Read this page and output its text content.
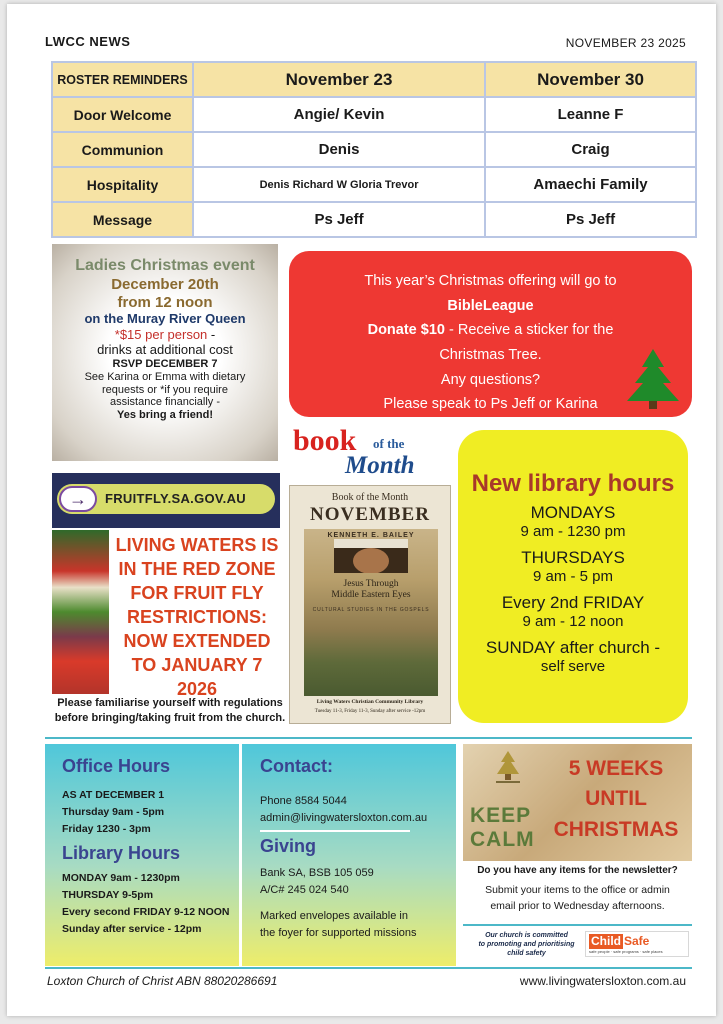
LWCC NEWS	NOVEMBER 23 2025
ROSTER REMINDERS	November 23	November 30
Door Welcome	Angie/ Kevin	Leanne F
Communion	Denis	Craig
Hospitality	Denis Richard W Gloria Trevor	Amaechi Family
Message	Ps Jeff	Ps Jeff
Ladies Christmas event
December 20th
from 12 noon
on the Muray River Queen
*$15 per person -
drinks at additional cost
RSVP DECEMBER 7
See Karina or Emma with dietary
requests or *if you require
assistance financially -
Yes bring a friend!
This year’s Christmas offering will go to
BibleLeague
Donate $10 - Receive a sticker for the
Christmas Tree.
Any questions?
Please speak to Ps Jeff or Karina
book of the
Month
Book of the Month
NOVEMBER
KENNETH E. BAILEY
Jesus Through
Middle Eastern Eyes
CULTURAL STUDIES IN THE GOSPELS
Living Waters Christian Community Library
Tuesday 11-3, Friday 11-3, Sunday after service -12pm
New library hours
MONDAYS
9 am - 1230 pm
THURSDAYS
9 am - 5 pm
Every 2nd FRIDAY
9 am - 12 noon
SUNDAY after church -
self serve
→	FRUITFLY.SA.GOV.AU
LIVING WATERS IS
IN THE RED ZONE
FOR FRUIT FLY
RESTRICTIONS:
NOW EXTENDED
TO JANUARY 7 2026
Please familiarise yourself with regulations
before bringing/taking fruit from the church.
Office Hours
AS AT DECEMBER 1
Thursday 9am - 5pm
Friday 1230 - 3pm
Library Hours
MONDAY 9am - 1230pm
THURSDAY 9-5pm
Every second FRIDAY 9-12 NOON
Sunday after service - 12pm
Contact:
Phone 8584 5044
admin@livingwatersloxton.com.au
Giving
Bank SA, BSB 105 059
A/C# 245 024 540
Marked envelopes available in
the foyer for supported missions
KEEP
CALM
5 WEEKS
UNTIL
CHRISTMAS
Do you have any items for the newsletter?
Submit your items to the office or admin
email prior to Wednesday afternoons.
Our church is committed
to promoting and prioritising
child safety
Child Safe
safe people · safe programs · safe places
Loxton Church of Christ ABN 88020286691	www.livingwatersloxton.com.au
